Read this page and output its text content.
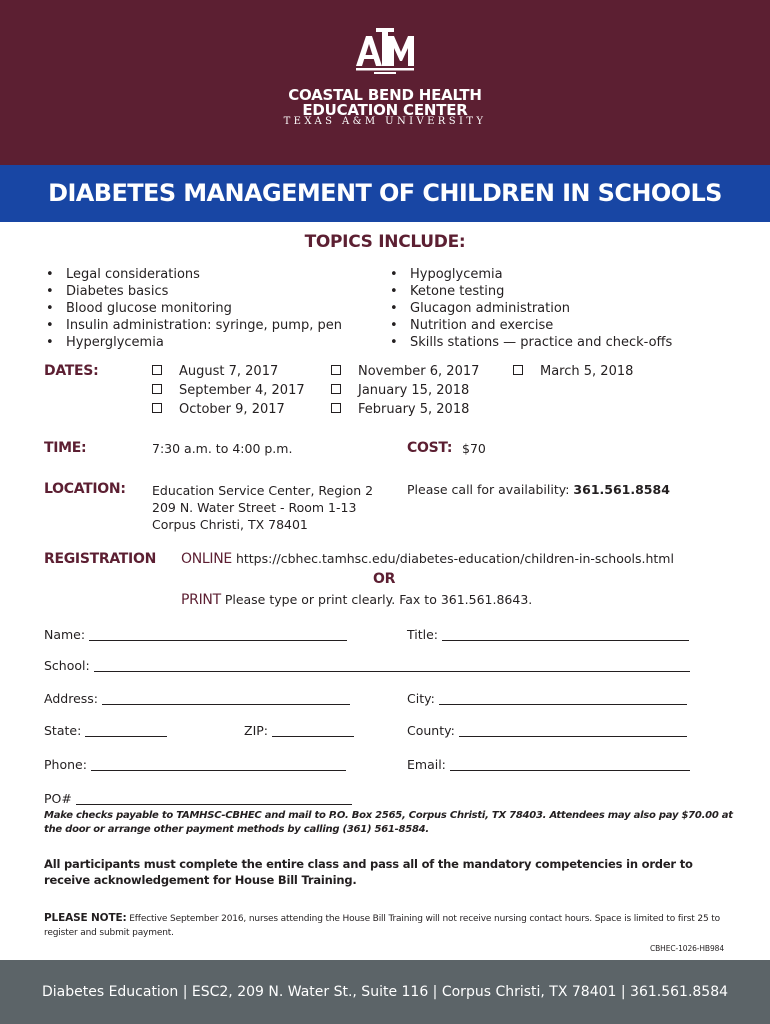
COASTAL BEND HEALTH
EDUCATION CENTER
TEXAS A&M UNIVERSITY
DIABETES MANAGEMENT OF CHILDREN IN SCHOOLS
TOPICS INCLUDE:
• Legal considerations
• Diabetes basics
• Blood glucose monitoring
• Insulin administration: syringe, pump, pen
• Hyperglycemia
• Hypoglycemia
• Ketone testing
• Glucagon administration
• Nutrition and exercise
• Skills stations — practice and check-offs
DATES:	August 7, 2017
September 4, 2017
October 9, 2017
November 6, 2017
January 15, 2018
February 5, 2018
March 5, 2018
TIME:	7:30 a.m. to 4:00 p.m.	COST: $70
LOCATION: Education Service Center, Region 2
209 N. Water Street - Room 1-13
Corpus Christi, TX 78401
Please call for availability: 361.561.8584
REGISTRATION ONLINE https://cbhec.tamhsc.edu/diabetes-education/children-in-schools.html
OR
PRINT Please type or print clearly. Fax to 361.561.8643.
Name:	Title:
School:
Address:	City:
State:	ZIP:	County:
Phone:	Email:
PO#
Make checks payable to TAMHSC-CBHEC and mail to P.O. Box 2565, Corpus Christi, TX 78403. Attendees may also pay $70.00 at the door or arrange other payment methods by calling (361) 561-8584.
All participants must complete the entire class and pass all of the mandatory competencies in order to receive acknowledgement for House Bill Training.
PLEASE NOTE: Effective September 2016, nurses attending the House Bill Training will not receive nursing contact hours. Space is limited to first 25 to register and submit payment.
CBHEC-1026-HB984
Diabetes Education | ESC2, 209 N. Water St., Suite 116 | Corpus Christi, TX 78401 | 361.561.8584
